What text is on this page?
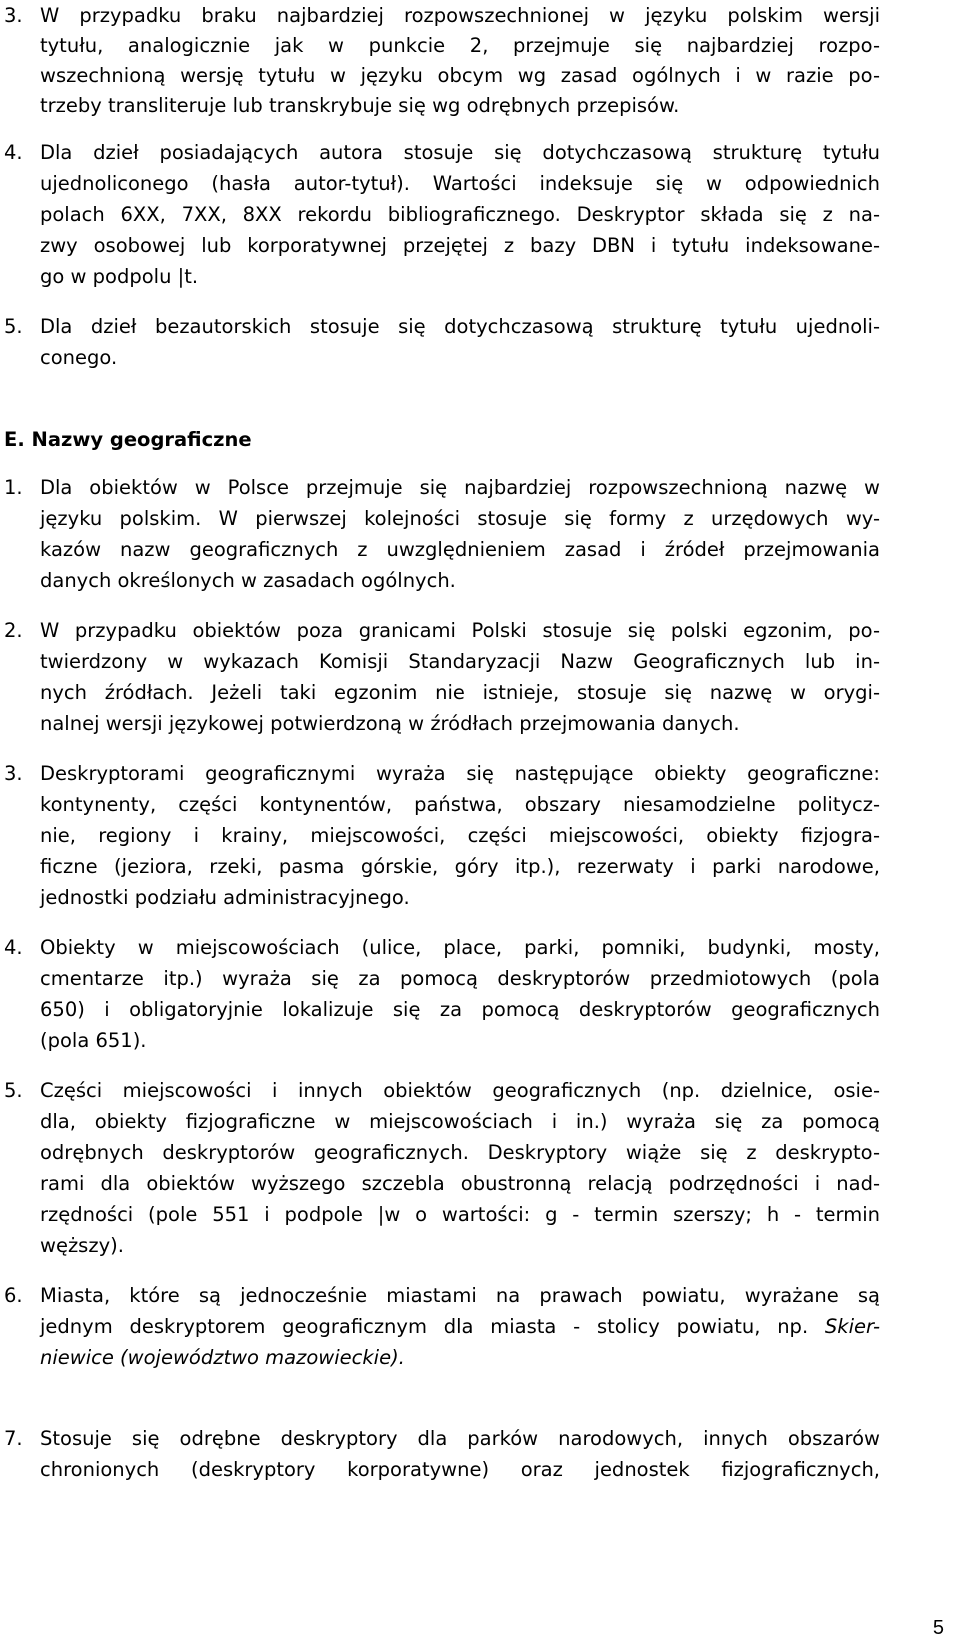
3. W przypadku braku najbardziej rozpowszechnionej w języku polskim wersji
tytułu, analogicznie jak w punkcie 2, przejmuje się najbardziej rozpo-
wszechnioną wersję tytułu w języku obcym wg zasad ogólnych i w razie po-
trzeby transliteruje lub transkrybuje się wg odrębnych przepisów.
4. Dla dzieł posiadających autora stosuje się dotychczasową strukturę tytułu
ujednoliconego (hasła autor-tytuł). Wartości indeksuje się w odpowiednich
polach 6XX, 7XX, 8XX rekordu bibliograficznego. Deskryptor składa się z na-
zwy osobowej lub korporatywnej przejętej z bazy DBN i tytułu indeksowane-
go w podpolu |t.
5. Dla dzieł bezautorskich stosuje się dotychczasową strukturę tytułu ujednoli-
conego.
E. Nazwy geograficzne
1. Dla obiektów w Polsce przejmuje się najbardziej rozpowszechnioną nazwę w
języku polskim. W pierwszej kolejności stosuje się formy z urzędowych wy-
kazów nazw geograficznych z uwzględnieniem zasad i źródeł przejmowania
danych określonych w zasadach ogólnych.
2. W przypadku obiektów poza granicami Polski stosuje się polski egzonim, po-
twierdzony w wykazach Komisji Standaryzacji Nazw Geograficznych lub in-
nych źródłach. Jeżeli taki egzonim nie istnieje, stosuje się nazwę w orygi-
nalnej wersji językowej potwierdzoną w źródłach przejmowania danych.
3. Deskryptorami geograficznymi wyraża się następujące obiekty geograficzne:
kontynenty, części kontynentów, państwa, obszary niesamodzielne politycz-
nie, regiony i krainy, miejscowości, części miejscowości, obiekty fizjogra-
ficzne (jeziora, rzeki, pasma górskie, góry itp.), rezerwaty i parki narodowe,
jednostki podziału administracyjnego.
4. Obiekty w miejscowościach (ulice, place, parki, pomniki, budynki, mosty,
cmentarze itp.) wyraża się za pomocą deskryptorów przedmiotowych (pola
650) i obligatoryjnie lokalizuje się za pomocą deskryptorów geograficznych
(pola 651).
5. Części miejscowości i innych obiektów geograficznych (np. dzielnice, osie-
dla, obiekty fizjograficzne w miejscowościach i in.) wyraża się za pomocą
odrębnych deskryptorów geograficznych. Deskryptory wiąże się z deskrypto-
rami dla obiektów wyższego szczebla obustronną relacją podrzędności i nad-
rzędności (pole 551 i podpole |w o wartości: g - termin szerszy; h - termin
węższy).
6. Miasta, które są jednocześnie miastami na prawach powiatu, wyrażane są
jednym deskryptorem geograficznym dla miasta - stolicy powiatu, np. Skier-
niewice (województwo mazowieckie).
7. Stosuje się odrębne deskryptory dla parków narodowych, innych obszarów
chronionych (deskryptory korporatywne) oraz jednostek fizjograficznych,
5
